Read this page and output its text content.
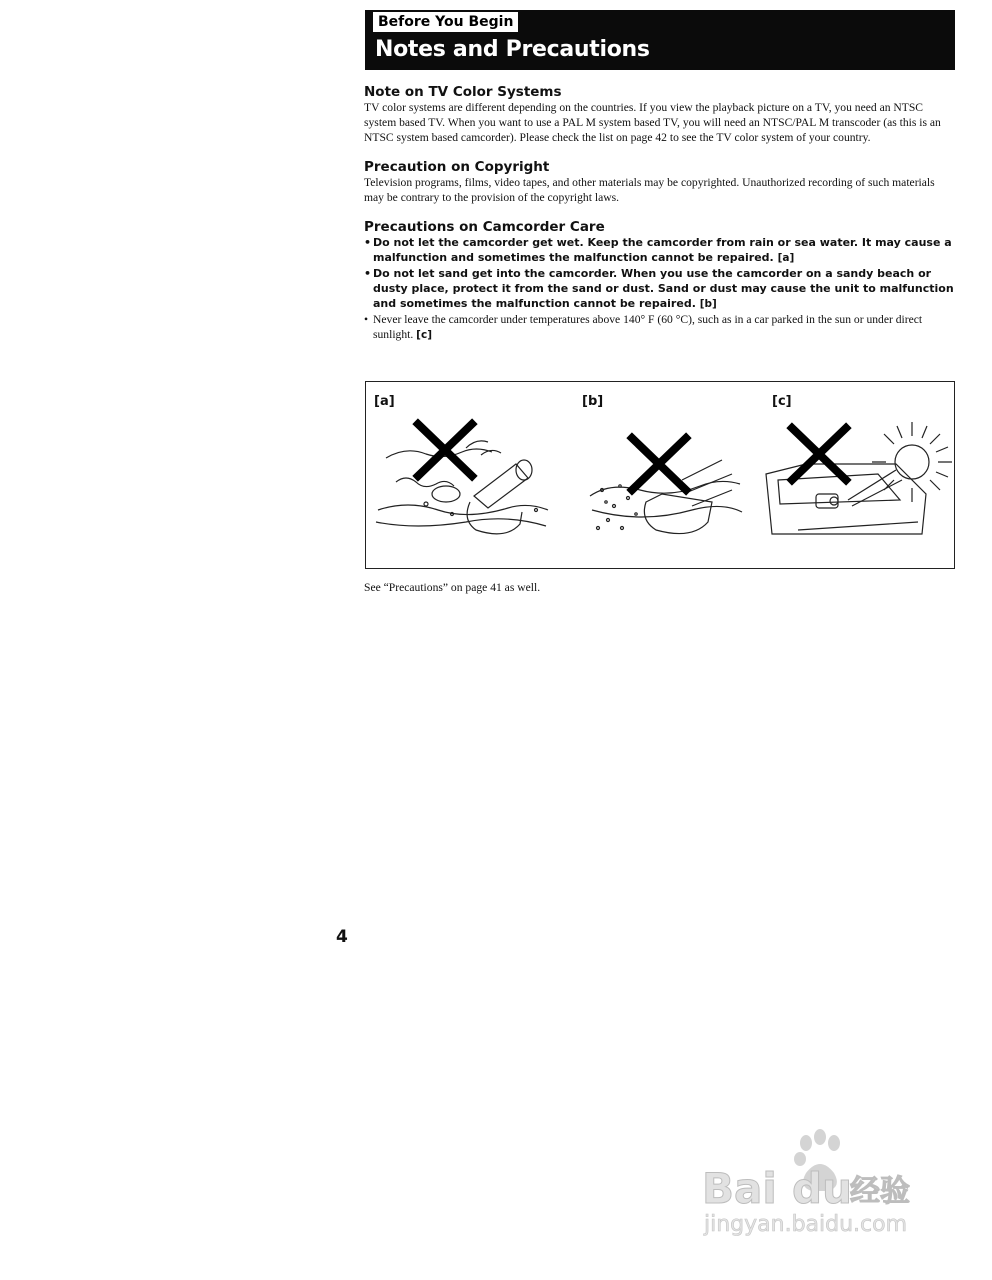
Before You Begin
Notes and Precautions
Note on TV Color Systems

TV color systems are different depending on the countries. If you view the playback picture on a TV, you need an NTSC system based TV. When you want to use a PAL M system based TV, you will need an NTSC/PAL M transcoder (as this is an NTSC system based camcorder). Please check the list on page 42 to see the TV color system of your country.

Precaution on Copyright

Television programs, films, video tapes, and other materials may be copyrighted. Unauthorized recording of such materials may be contrary to the provision of the copyright laws.

Precautions on Camcorder Care
• Do not let the camcorder get wet. Keep the camcorder from rain or sea water. It may cause a malfunction and sometimes the malfunction cannot be repaired. [a]
• Do not let sand get into the camcorder. When you use the camcorder on a sandy beach or dusty place, protect it from the sand or dust. Sand or dust may cause the unit to malfunction and sometimes the malfunction cannot be repaired. [b]
• Never leave the camcorder under temperatures above 140° F (60 °C), such as in a car parked in the sun or under direct sunlight. [c]
[a]	[b]	[c]
See “Precautions” on page 41 as well.
4
Bai du
经验
jingyan.baidu.com
